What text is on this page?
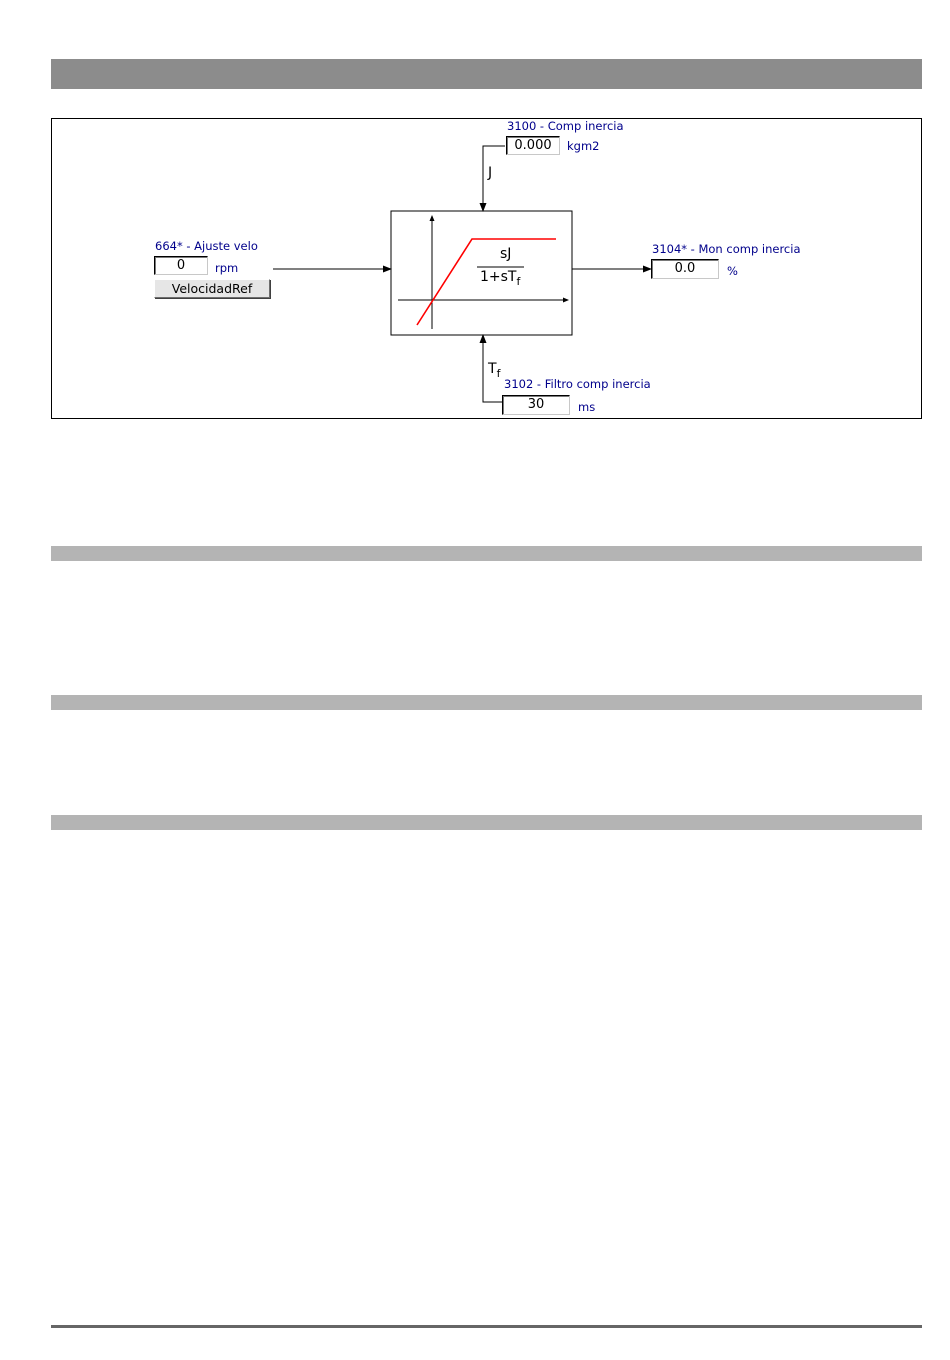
sJ
$1+sT_f$
3100 - Comp inercia
0.000	kgm2
J
664* - Ajuste velo
0	rpm
VelocidadRef
3104* - Mon comp inercia
0.0	%
$T_f$
3102 - Filtro comp inercia
30	ms
